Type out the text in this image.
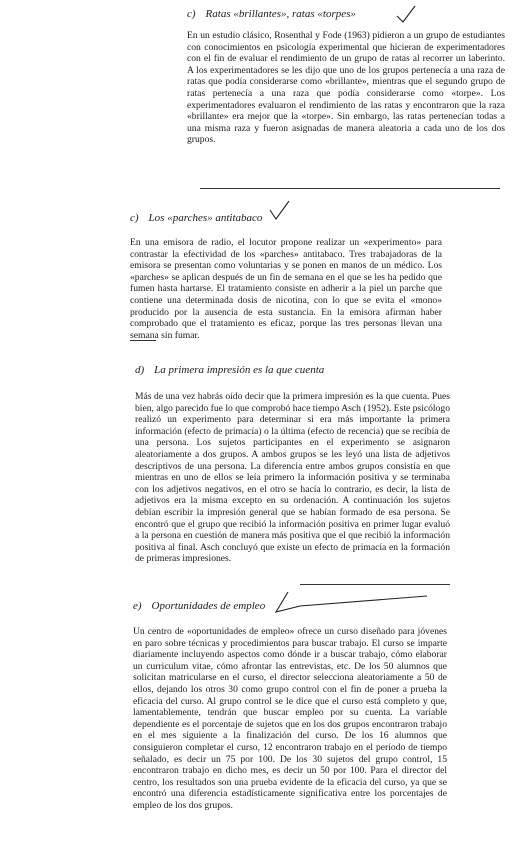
c) Ratas «brillantes», ratas «torpes»

En un estudio clásico, Rosenthal y Fode (1963) pidieron a un grupo de estudiantes con conocimientos en psicología experimental que hicieran de experimentadores con el fin de evaluar el rendimiento de un grupo de ratas al recorrer un laberinto. A los experimentadores se les dijo que uno de los grupos pertenecía a una raza de ratas que podía considerarse como «brillante», mientras que el segundo grupo de ratas pertenecía a una raza que podía considerarse como «torpe». Los experimentadores evaluaron el rendimiento de las ratas y encontraron que la raza «brillante» era mejor que la «torpe». Sin embargo, las ratas pertenecían todas a una misma raza y fueron asignadas de manera aleatoria a cada uno de los dos grupos.

c) Los «parches» antitabaco

En una emisora de radio, el locutor propone realizar un «experimento» para contrastar la efectividad de los «parches» antitabaco. Tres trabajadoras de la emisora se presentan como voluntarias y se ponen en manos de un médico. Los «parches» se aplican después de un fin de semana en el que se les ha pedido que fumen hasta hartarse. El tratamiento consiste en adherir a la piel un parche que contiene una determinada dosis de nicotina, con lo que se evita el «mono» producido por la ausencia de esta sustancia. En la emisora afirman haber comprobado que el tratamiento es eficaz, porque las tres personas llevan una semana sin fumar.

d) La primera impresión es la que cuenta

Más de una vez habrás oído decir que la primera impresión es la que cuenta. Pues bien, algo parecido fue lo que comprobó hace tiempo Asch (1952). Este psicólogo realizó un experimento para determinar si era más importante la primera información (efecto de primacía) o la última (efecto de recencia) que se recibía de una persona. Los sujetos participantes en el experimento se asignaron aleatoriamente a dos grupos. A ambos grupos se les leyó una lista de adjetivos descriptivos de una persona. La diferencia entre ambos grupos consistía en que mientras en uno de ellos se leía primero la información positiva y se terminaba con los adjetivos negativos, en el otro se hacía lo contrario, es decir, la lista de adjetivos era la misma excepto en su ordenación. A continuación los sujetos debían escribir la impresión general que se habían formado de esa persona. Se encontró que el grupo que recibió la información positiva en primer lugar evaluó a la persona en cuestión de manera más positiva que el que recibió la información positiva al final. Asch concluyó que existe un efecto de primacía en la formación de primeras impresiones.

e) Oportunidades de empleo

Un centro de «oportunidades de empleo» ofrece un curso diseñado para jóvenes en paro sobre técnicas y procedimientos para buscar trabajo. El curso se imparte diariamente incluyendo aspectos como dónde ir a buscar trabajo, cómo elaborar un curriculum vitae, cómo afrontar las entrevistas, etc. De los 50 alumnos que solicitan matricularse en el curso, el director selecciona aleatoriamente a 50 de ellos, dejando los otros 30 como grupo control con el fin de poner a prueba la eficacia del curso. Al grupo control se le dice que el curso está completo y que, lamentablemente, tendrán que buscar empleo por su cuenta. La variable dependiente es el porcentaje de sujetos que en los dos grupos encontraron trabajo en el mes siguiente a la finalización del curso. De los 16 alumnos que consiguieron completar el curso, 12 encontraron trabajo en el período de tiempo señalado, es decir un 75 por 100. De los 30 sujetos del grupo control, 15 encontraron trabajo en dicho mes, es decir un 50 por 100. Para el director del centro, los resultados son una prueba evidente de la eficacia del curso, ya que se encontró una diferencia estadísticamente significativa entre los porcentajes de empleo de los dos grupos.
